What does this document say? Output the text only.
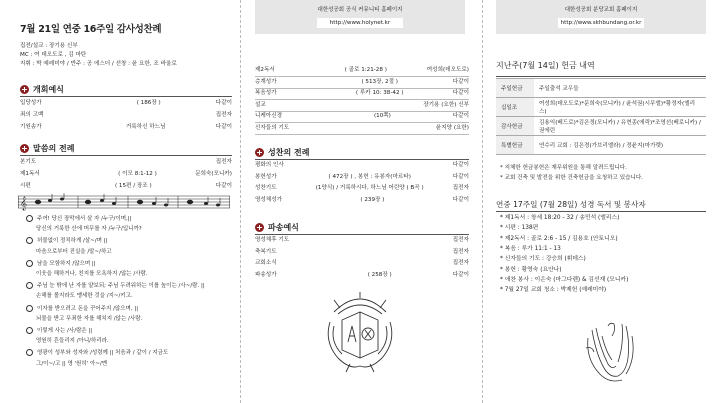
7월 21일 연중 16주일 감사성찬례
집전/설교 : 장기용 신부
MC : 여 데오도로 , 김 마탄
지휘 : 박 예레미야 / 반주 : 공 에스더 / 선창 : 윤 요한, 조 바울로
개회예식
입당성가	( 186장 )	다같이
죄의 고백	집전자
기원송가	거룩하신 하느님	다같이
말씀의 전례
본기도	집전자
제1독서	( 이모 8:1-12 )	문희숙(모니카)
시편	( 15편 / 장조 )	다같이
𝄞
주여! 당신 장막에서 살 자 /누구/이며,||
당신의 거룩한 산에 머무를 자 /누구/입니까?
허물없이 정직하게 /살~/며 ||
마음으로부터 진실을 /말~/하고
남을 모함하지 /않으며 ||
이웃을 해하거나, 친지를 모욕하지 /않는 /사람.
주님 눈 밖에 난 자를 얕보되; 주님 두려워하는 이를 높이는 /사~/람. ||
손해를 볼지라도 맹세한 것을 /지~/키고.
이자를 받으려고 돈을 꾸어주지 /않으며, ||
뇌물을 받고 무죄한 자를 해치지 /않는 /사람.
이렇게 사는 /사/람은 ||
영원히 흔들리지 /아니/하리라.
영광이 성부와 성자와 /성령께 || 처음과 / 같이 / 지금도
그/이~/고 || 영 '원히' 아~/멘
대한성공회 공식 커뮤니티 홈페이지
http://www.holynet.kr
제2독서	( 골로 1:21-28 )	여성희(데오도로)
층계성가	( 513장, 2절 )	다같이
복음성가	( 루카 10: 38-42 )	다같이
설교	장기용 (요한) 신부
니케아신경	(10쪽)	다같이
신자들의 기도	윤지양 (요한)
성찬의 전례
평화의 인사	다같이
봉헌성가	( 472장 ) , 봉헌 : 유봉자(마르타)	다같이
성찬기도	(1양식) / 거룩하시다, 하느님 어린양 ( B곡 )	집전자
영성체성가	( 239장 )	다같이
파송예식
영성체후 기도	집전자
축복기도	집전자
교회소식	집전자
파송성가	( 258장 )	다같이
대한성공회 분당교회 홈페이지
http://www.skhbundang.or.kr
지난주(7월 14일) 헌금 내역
주일헌금	주일출석 교우들
십일조	여성희(데오도로)*문희숙(모니카) / 윤석권(시무엘)*황정자(엘리스)
감사헌금	김용익(베드로)*김은정(모니카) / 유현종(에릭)*조영선(베로니카) / 권에린
특별헌금	연수리 교회 : 김은경(가브리엘라) / 정윤지(마가렛)
* 지체한 헌금봉헌은 재무위원을 통해 알려드립니다.
* 교회 건축 및 발전을 위한 건축헌금을 요청하고 있습니다.
연중 17주일 (7월 28일) 성경 독서 및 봉사자
* 제1독서 : 창세 18:20 - 32 / 송민석 (엘리스)
* 시편 : 138편
* 제2독서 : 골로 2:6 - 15 / 김용호 (안토니오)
* 복음 : 루가 11:1 - 13
* 신자들의 기도 : 강승희 (휘데스)
* 봉헌 : 황영숙 (요안나)
* 애찬 봉사 : 이은숙 (마그다렌) & 김선재 (모니카)
* 7월 27일 교회 청소 : 박제헌 (예레미야)
